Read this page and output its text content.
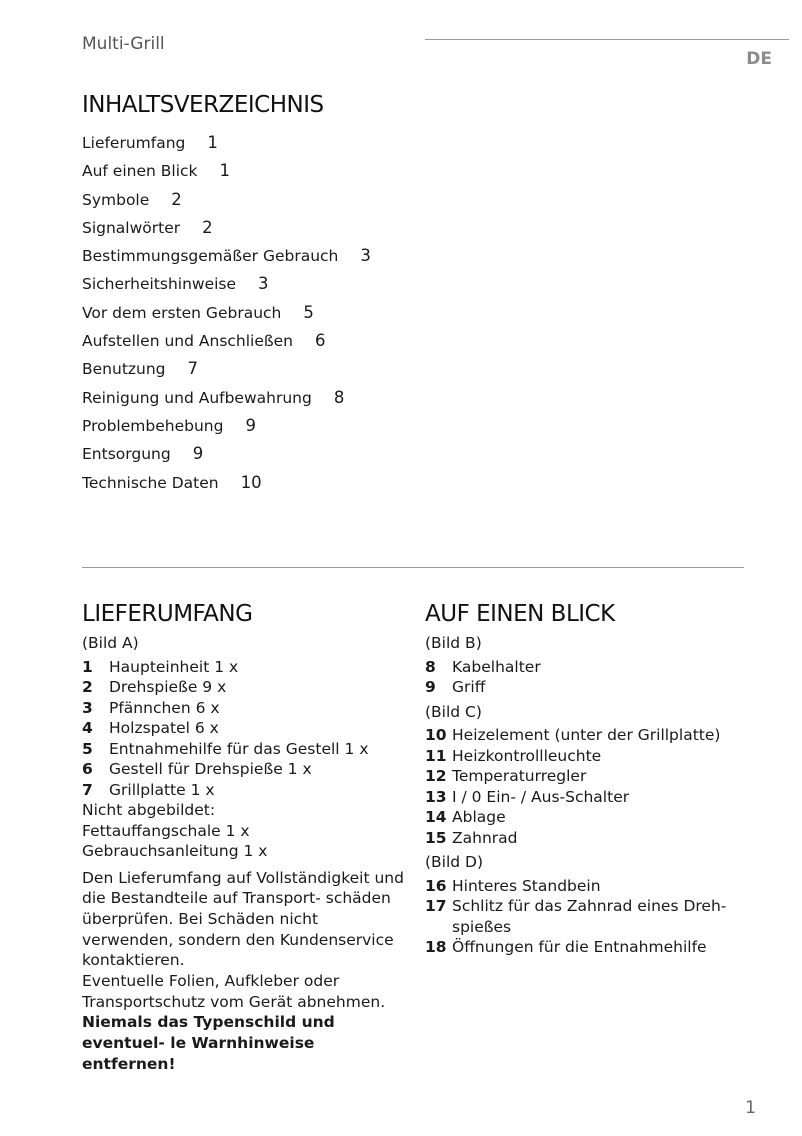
Multi-Grill
DE
INHALTSVERZEICHNIS
Lieferumfang 1
Auf einen Blick 1
Symbole 2
Signalwörter 2
Bestimmungsgemäßer Gebrauch 3
Sicherheitshinweise 3
Vor dem ersten Gebrauch 5
Aufstellen und Anschließen 6
Benutzung 7
Reinigung und Aufbewahrung 8
Problembehebung 9
Entsorgung 9
Technische Daten 10
LIEFERUMFANG

(Bild A)

1	Haupteinheit 1 x
2	Drehspieße 9 x
3	Pfännchen 6 x
4	Holzspatel 6 x
5	Entnahmehilfe für das Gestell 1 x
6	Gestell für Drehspieße 1 x
7	Grillplatte 1 x

Nicht abgebildet:

Fettauffangschale 1 x

Gebrauchsanleitung 1 x

Den Lieferumfang auf Vollständigkeit und die Bestandteile auf Transport- schäden überprüfen. Bei Schäden nicht verwenden, sondern den Kundenservice kontaktieren.

Eventuelle Folien, Aufkleber oder Transportschutz vom Gerät abnehmen.

Niemals das Typenschild und eventuel- le Warnhinweise entfernen!

AUF EINEN BLICK

(Bild B)

8	Kabelhalter
9	Griff

(Bild C)

10 Heizelement (unter der Grillplatte)
11 Heizkontrollleuchte
12 Temperaturregler
13 I / 0 Ein- / Aus-Schalter
14 Ablage
15 Zahnrad

(Bild D)

16 Hinteres Standbein
17 Schlitz für das Zahnrad eines Dreh- spießes
18 Öffnungen für die Entnahmehilfe
1
